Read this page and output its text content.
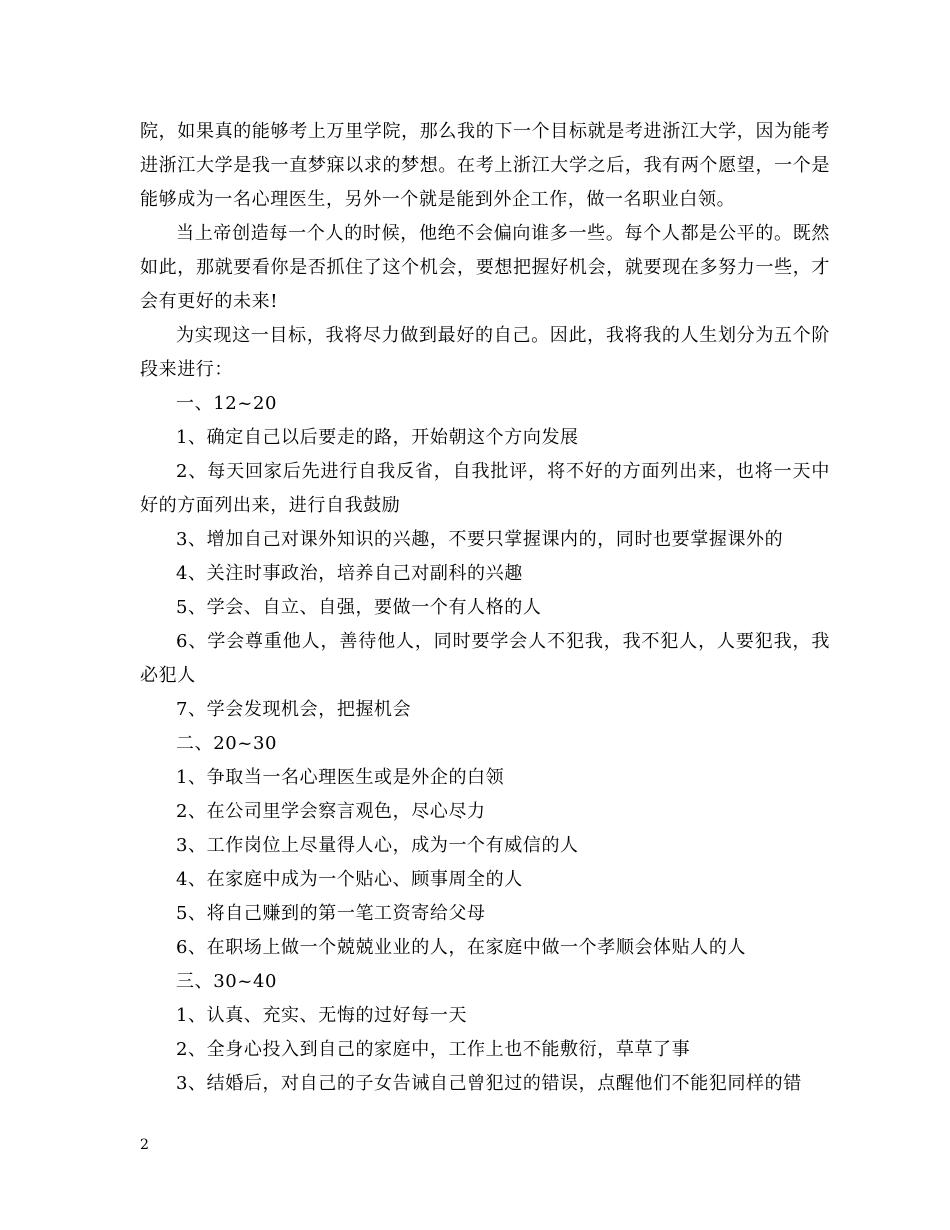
院，如果真的能够考上万里学院，那么我的下一个目标就是考进浙江大学，因为能考进浙江大学是我一直梦寐以求的梦想。在考上浙江大学之后，我有两个愿望，一个是能够成为一名心理医生，另外一个就是能到外企工作，做一名职业白领。

当上帝创造每一个人的时候，他绝不会偏向谁多一些。每个人都是公平的。既然如此，那就要看你是否抓住了这个机会，要想把握好机会，就要现在多努力一些，才会有更好的未来!

为实现这一目标，我将尽力做到最好的自己。因此，我将我的人生划分为五个阶段来进行：

一、12~20

1、确定自己以后要走的路，开始朝这个方向发展

2、每天回家后先进行自我反省，自我批评，将不好的方面列出来，也将一天中好的方面列出来，进行自我鼓励

3、增加自己对课外知识的兴趣，不要只掌握课内的，同时也要掌握课外的

4、关注时事政治，培养自己对副科的兴趣

5、学会、自立、自强，要做一个有人格的人

6、学会尊重他人，善待他人，同时要学会人不犯我，我不犯人，人要犯我，我必犯人

7、学会发现机会，把握机会

二、20~30

1、争取当一名心理医生或是外企的白领

2、在公司里学会察言观色，尽心尽力

3、工作岗位上尽量得人心，成为一个有威信的人

4、在家庭中成为一个贴心、顾事周全的人

5、将自己赚到的第一笔工资寄给父母

6、在职场上做一个兢兢业业的人，在家庭中做一个孝顺会体贴人的人

三、30~40

1、认真、充实、无悔的过好每一天

2、全身心投入到自己的家庭中，工作上也不能敷衍，草草了事

3、结婚后，对自己的子女告诫自己曾犯过的错误，点醒他们不能犯同样的错

2
